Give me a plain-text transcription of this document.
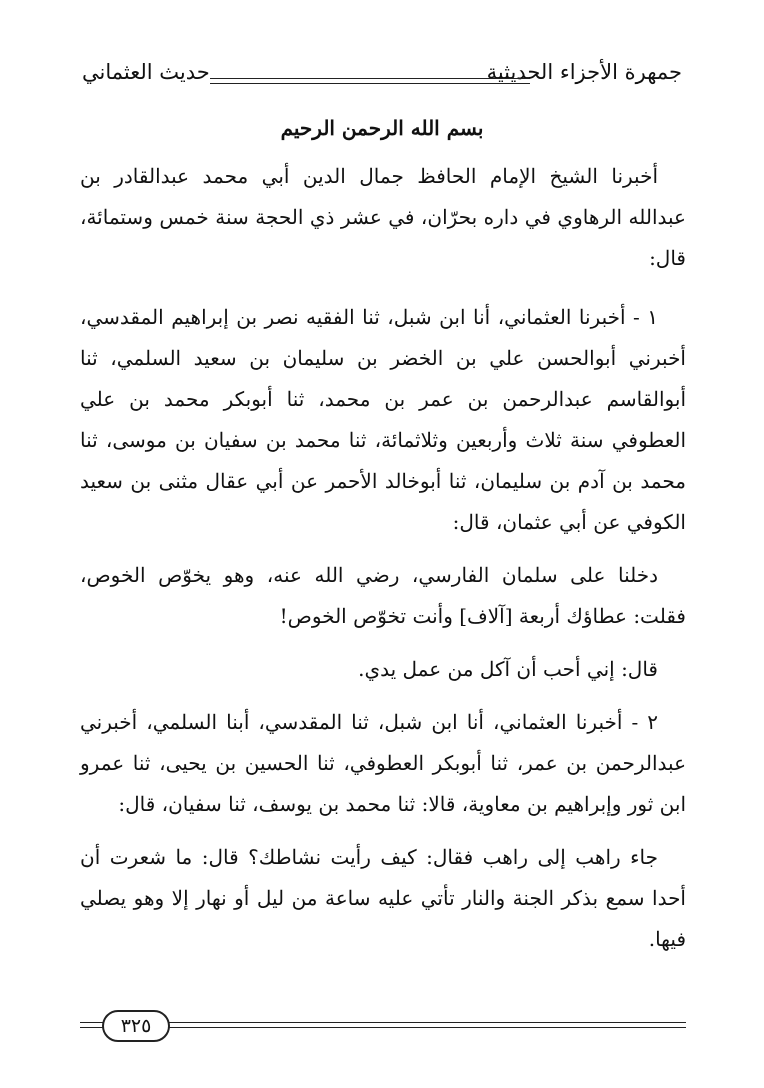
جمهرة الأجزاء الحديثية
حديث العثماني
بسم الله الرحمن الرحيم

أخبرنا الشيخ الإمام الحافظ جمال الدين أبي محمد عبدالقادر بن عبدالله الرهاوي في داره بحرّان، في عشر ذي الحجة سنة خمس وستمائة، قال:

١ - أخبرنا العثماني، أنا ابن شبل، ثنا الفقيه نصر بن إبراهيم المقدسي، أخبرني أبوالحسن علي بن الخضر بن سليمان بن سعيد السلمي، ثنا أبوالقاسم عبدالرحمن بن عمر بن محمد، ثنا أبوبكر محمد بن علي العطوفي سنة ثلاث وأربعين وثلاثمائة، ثنا محمد بن سفيان بن موسى، ثنا محمد بن آدم بن سليمان، ثنا أبوخالد الأحمر عن أبي عقال مثنى بن سعيد الكوفي عن أبي عثمان، قال:

دخلنا على سلمان الفارسي، رضي الله عنه، وهو يخوّص الخوص، فقلت: عطاؤك أربعة [آلاف] وأنت تخوّص الخوص!

قال: إني أحب أن آكل من عمل يدي.

٢ - أخبرنا العثماني، أنا ابن شبل، ثنا المقدسي، أبنا السلمي، أخبرني عبدالرحمن بن عمر، ثنا أبوبكر العطوفي، ثنا الحسين بن يحيى، ثنا عمرو ابن ثور وإبراهيم بن معاوية، قالا: ثنا محمد بن يوسف، ثنا سفيان، قال:

جاء راهب إلى راهب فقال: كيف رأيت نشاطك؟ قال: ما شعرت أن أحدا سمع بذكر الجنة والنار تأتي عليه ساعة من ليل أو نهار إلا وهو يصلي فيها.

٣٢٥
